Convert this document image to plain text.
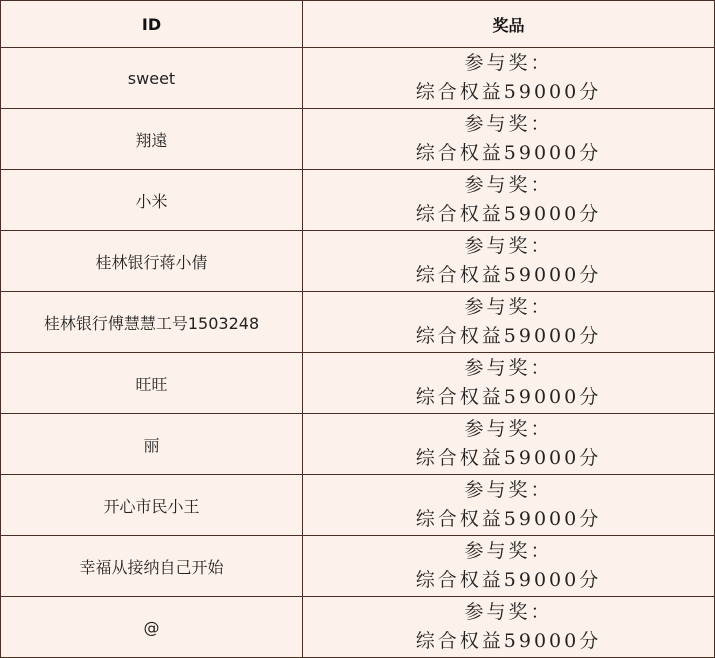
ID	奖品
sweet	参与奖：
综合权益59000分

翔遠	参与奖：
综合权益59000分

小米	参与奖：
综合权益59000分

桂林银行蒋小倩	参与奖：
综合权益59000分

桂林银行傅慧慧工号1503248	参与奖：
综合权益59000分

旺旺	参与奖：
综合权益59000分

丽	参与奖：
综合权益59000分

开心市民小王	参与奖：
综合权益59000分

幸福从接纳自己开始	参与奖：
综合权益59000分

@	参与奖：
综合权益59000分
